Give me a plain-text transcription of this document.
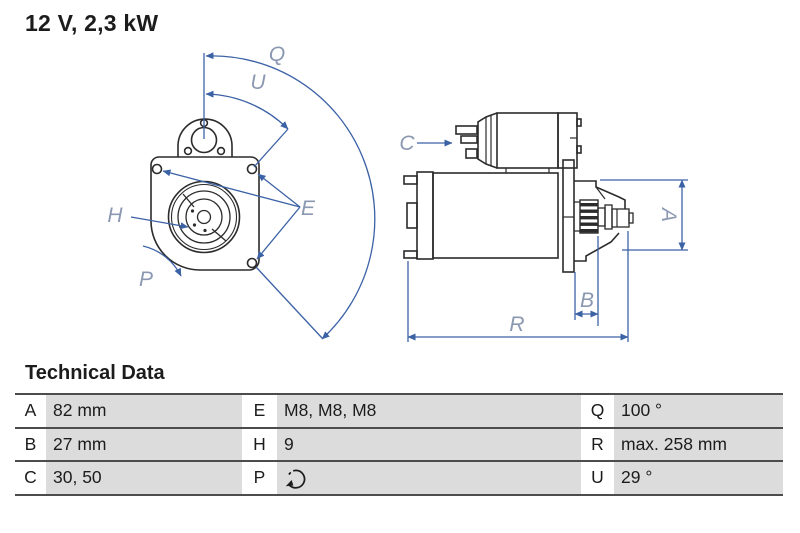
12 V, 2,3 kW
Q
U
E
H
P
C
A
B
R
Technical Data
A 82 mm	E	M8, M8, M8	Q 100 °
B 27 mm	H	9	R max. 258 mm
C 30, 50	P	U 29 °
